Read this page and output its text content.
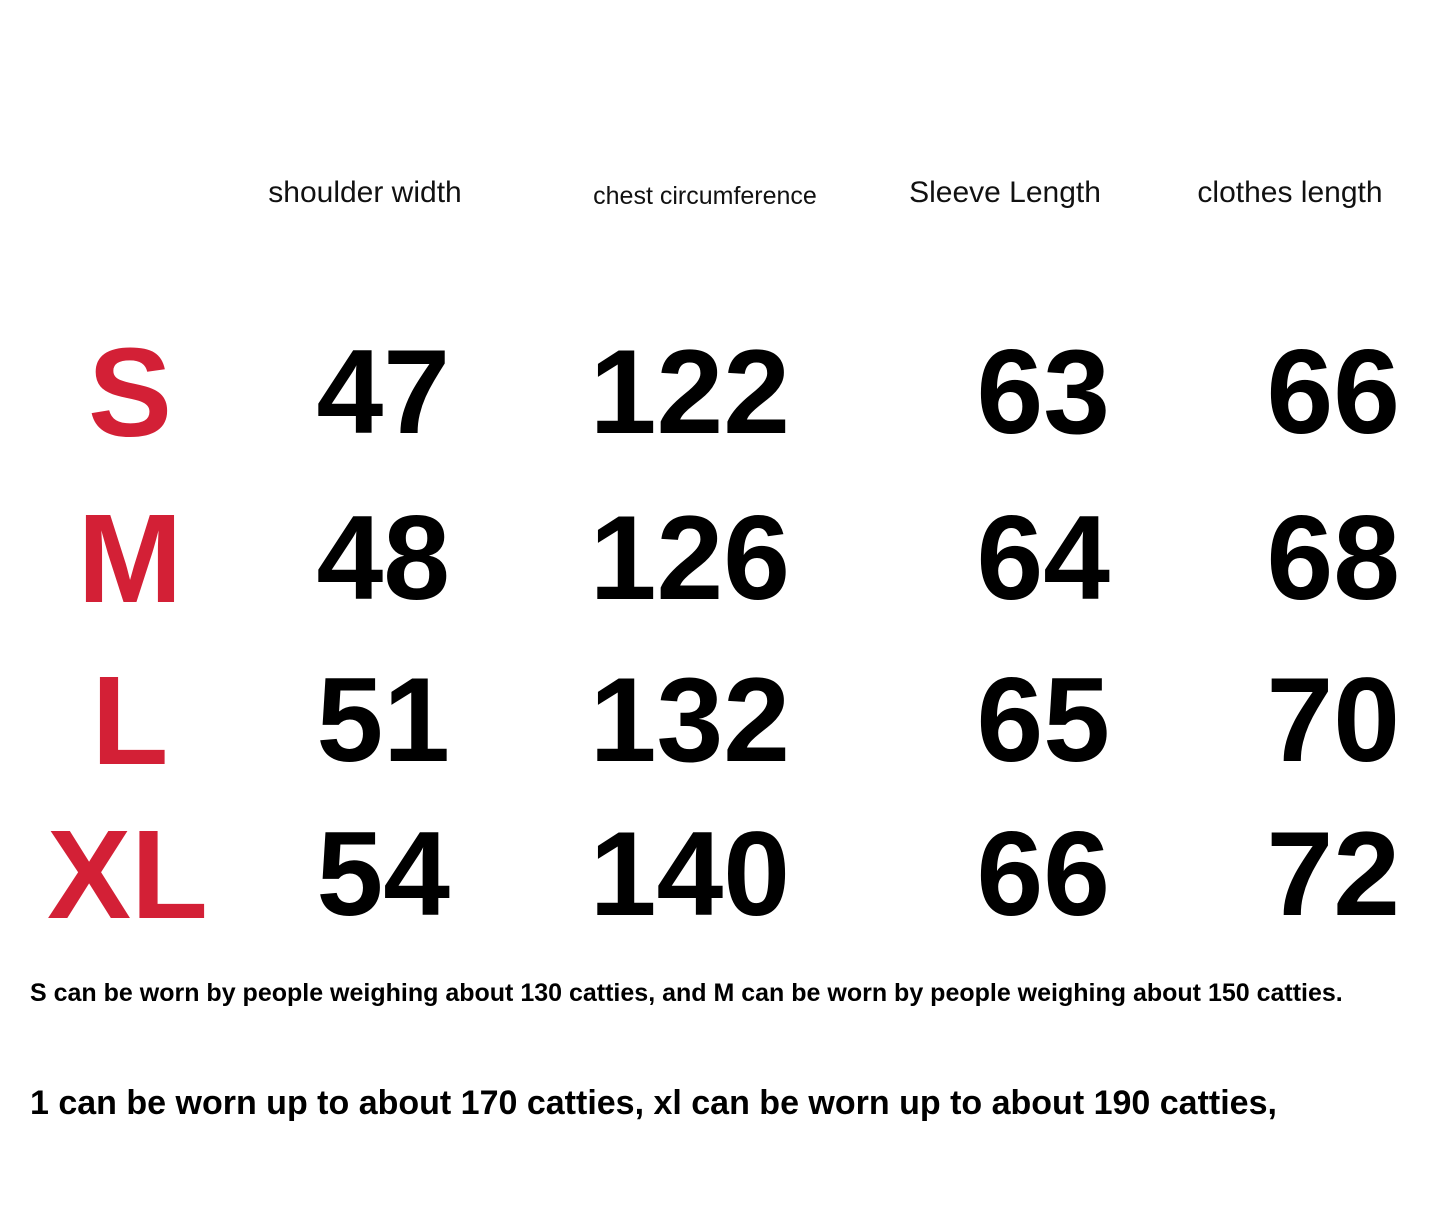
shoulder width	chest circumference	Sleeve Length	clothes length
S	47	122	63	66
M	48	126	64	68
L	51	132	65	70
XL 54	140	66	72
S can be worn by people weighing about 130 catties, and M can be worn by people weighing about 150 catties.
1 can be worn up to about 170 catties, xl can be worn up to about 190 catties,
